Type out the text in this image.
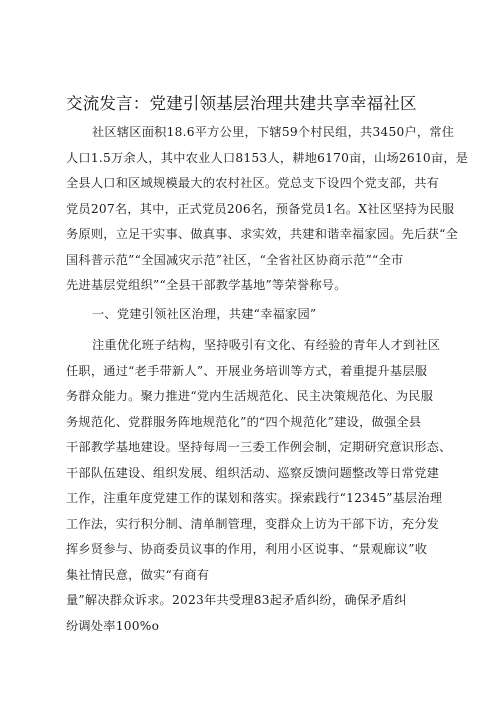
交流发言：党建引领基层治理共建共享幸福社区
社区辖区面积18.6平方公里，下辖59个村民组，共3450户，常住
人口1.5万余人，其中农业人口8153人，耕地6170亩，山场2610亩，是
全县人口和区域规模最大的农村社区。党总支下设四个党支部，共有
党员207名，其中，正式党员206名，预备党员1名。X社区坚持为民服
务原则，立足干实事、做真事、求实效，共建和谐幸福家园。先后获“全
国科普示范”“全国减灾示范”社区，“全省社区协商示范”“全市
先进基层党组织”“全县干部教学基地”等荣誉称号。
一、党建引领社区治理，共建“幸福家园”
注重优化班子结构，坚持吸引有文化、有经验的青年人才到社区
任职，通过“老手带新人”、开展业务培训等方式，着重提升基层服
务群众能力。聚力推进“党内生活规范化、民主决策规范化、为民服
务规范化、党群服务阵地规范化”的“四个规范化”建设，做强全县
干部教学基地建设。坚持每周一三委工作例会制，定期研究意识形态、
干部队伍建设、组织发展、组织活动、巡察反馈问题整改等日常党建
工作，注重年度党建工作的谋划和落实。探索践行“12345”基层治理
工作法，实行积分制、清单制管理，变群众上访为干部下访，充分发
挥乡贤参与、协商委员议事的作用，利用小区说事、“景观廊议”收
集社情民意，做实“有商有
量”解决群众诉求。2023年共受理83起矛盾纠纷，确保矛盾纠
纷调处率100%o
